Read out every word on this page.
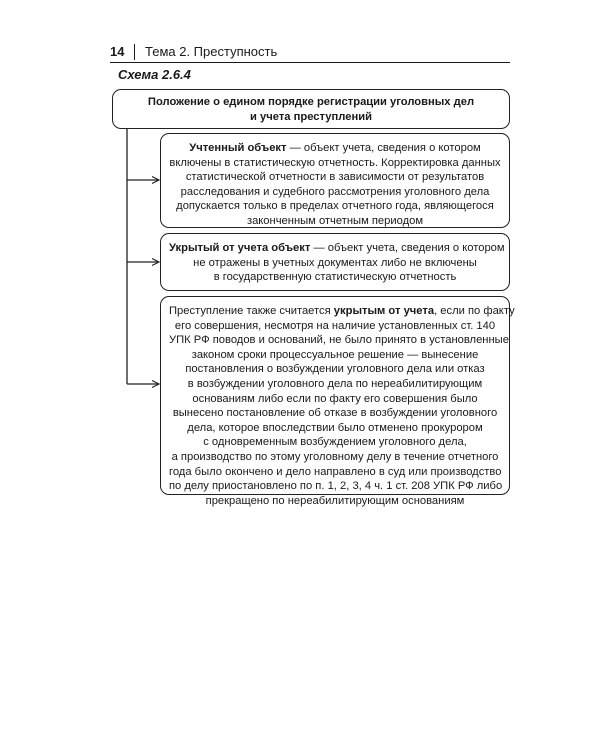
14 Тема 2. Преступность
Схема 2.6.4
Положение о едином порядке регистрации уголовных дел
и учета преступлений
Учтенный объект — объект учета, сведения о котором
включены в статистическую отчетность. Корректировка данных
статистической отчетности в зависимости от результатов
расследования и судебного рассмотрения уголовного дела
допускается только в пределах отчетного года, являющегося
законченным отчетным периодом
Укрытый от учета объект — объект учета, сведения о котором
не отражены в учетных документах либо не включены
в государственную статистическую отчетность
Преступление также считается укрытым от учета, если по факту
его совершения, несмотря на наличие установленных ст. 140
УПК РФ поводов и оснований, не было принято в установленные
законом сроки процессуальное решение — вынесение
постановления о возбуждении уголовного дела или отказ
в возбуждении уголовного дела по нереабилитирующим
основаниям либо если по факту его совершения было
вынесено постановление об отказе в возбуждении уголовного
дела, которое впоследствии было отменено прокурором
с одновременным возбуждением уголовного дела,
а производство по этому уголовному делу в течение отчетного
года было окончено и дело направлено в суд или производство
по делу приостановлено по п. 1, 2, 3, 4 ч. 1 ст. 208 УПК РФ либо
прекращено по нереабилитирующим основаниям
